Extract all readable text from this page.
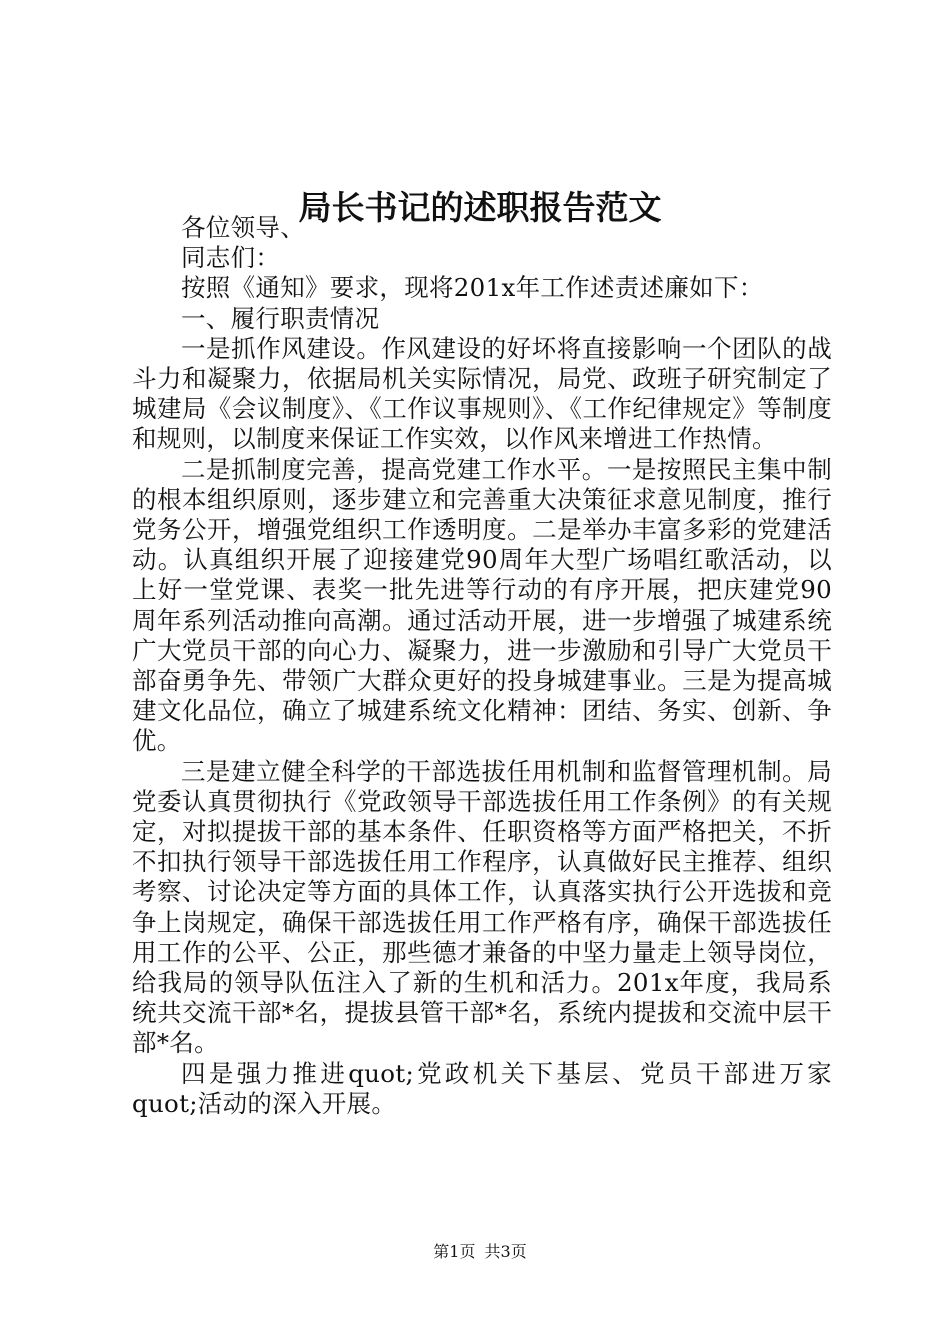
局长书记的述职报告范文

各位领导、

同志们：

按照《通知》要求，现将201x年工作述责述廉如下：

一、履行职责情况

一是抓作风建设。作风建设的好坏将直接影响一个团队的战斗力和凝聚力，依据局机关实际情况，局党、政班子研究制定了城建局《会议制度》、《工作议事规则》、《工作纪律规定》等制度和规则，以制度来保证工作实效，以作风来增进工作热情。

二是抓制度完善，提高党建工作水平。一是按照民主集中制的根本组织原则，逐步建立和完善重大决策征求意见制度，推行党务公开，增强党组织工作透明度。二是举办丰富多彩的党建活动。认真组织开展了迎接建党90周年大型广场唱红歌活动，以上好一堂党课、表奖一批先进等行动的有序开展，把庆建党90周年系列活动推向高潮。通过活动开展，进一步增强了城建系统广大党员干部的向心力、凝聚力，进一步激励和引导广大党员干部奋勇争先、带领广大群众更好的投身城建事业。三是为提高城建文化品位，确立了城建系统文化精神：团结、务实、创新、争优。

三是建立健全科学的干部选拔任用机制和监督管理机制。局党委认真贯彻执行《党政领导干部选拔任用工作条例》的有关规定，对拟提拔干部的基本条件、任职资格等方面严格把关，不折不扣执行领导干部选拔任用工作程序，认真做好民主推荐、组织考察、讨论决定等方面的具体工作，认真落实执行公开选拔和竞争上岗规定，确保干部选拔任用工作严格有序，确保干部选拔任用工作的公平、公正，那些德才兼备的中坚力量走上领导岗位，给我局的领导队伍注入了新的生机和活力。201x年度，我局系统共交流干部*名，提拔县管干部*名，系统内提拔和交流中层干部*名。

四是强力推进quot;党政机关下基层、党员干部进万家quot;活动的深入开展。

第1页 共3页
